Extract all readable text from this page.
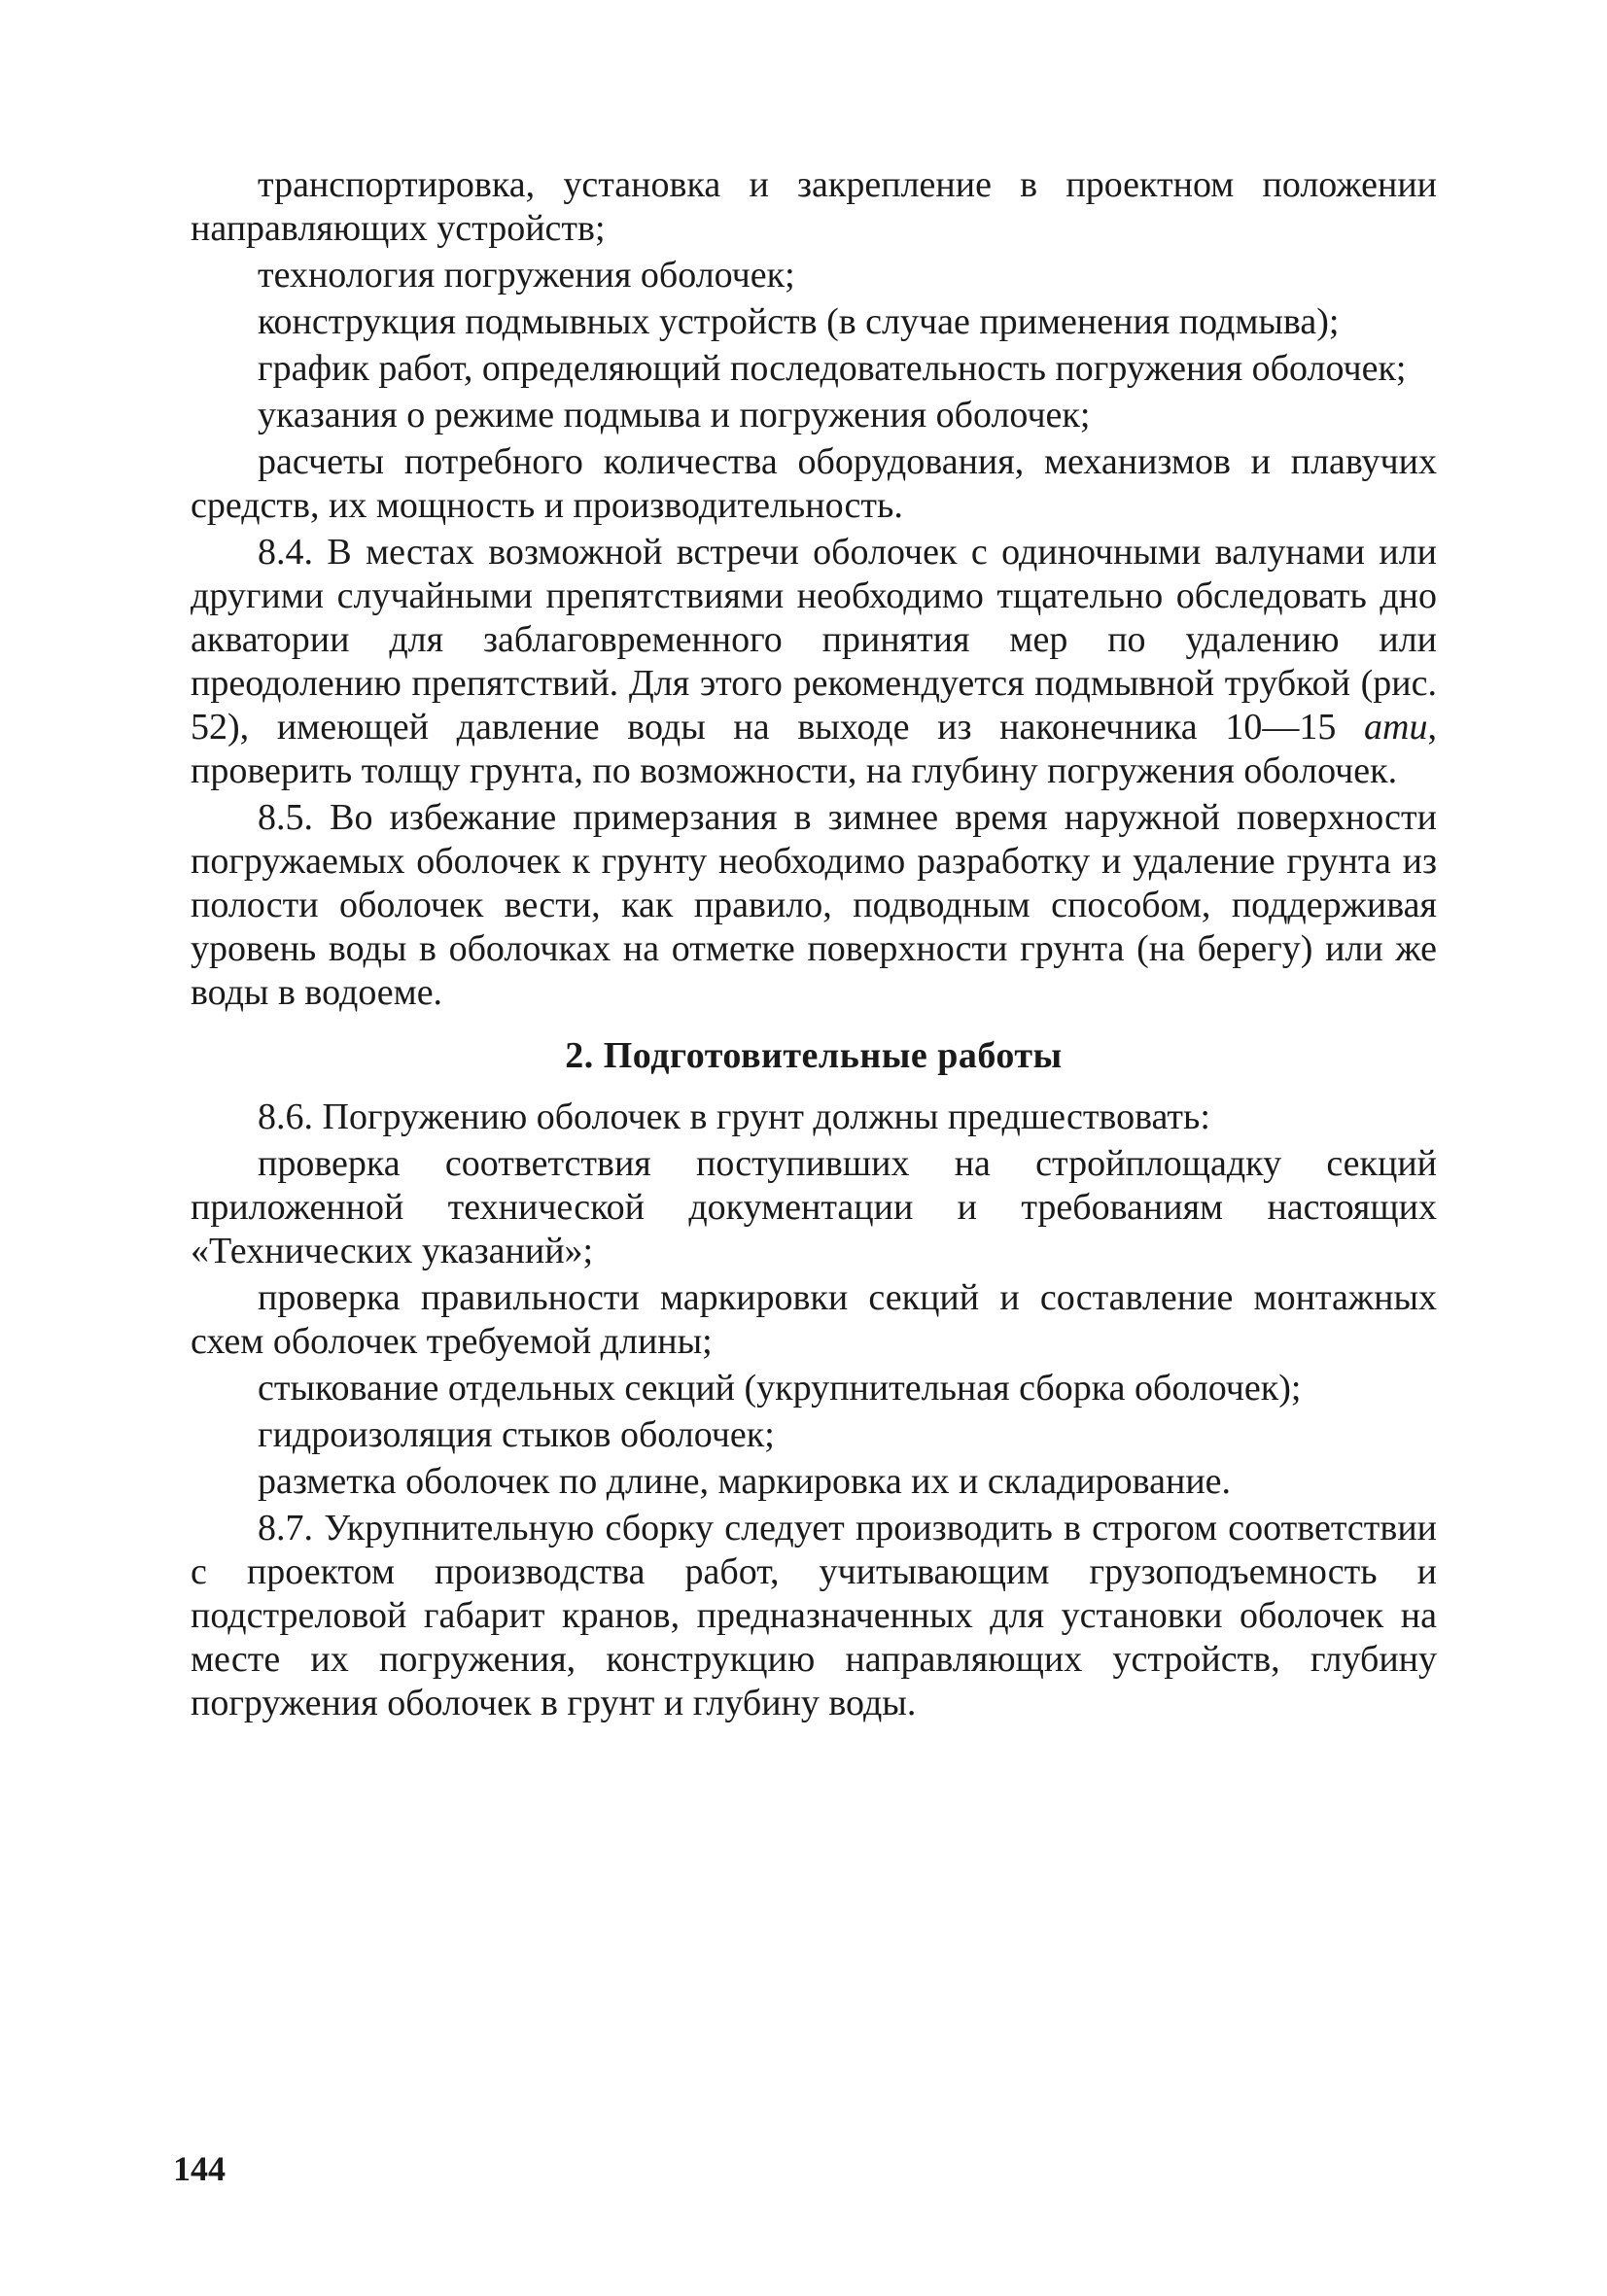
транспортировка, установка и закрепление в проектном положении направляющих устройств;

технология погружения оболочек;

конструкция подмывных устройств (в случае применения подмыва);

график работ, определяющий последовательность погружения оболочек;

указания о режиме подмыва и погружения оболочек;

расчеты потребного количества оборудования, механизмов и плавучих средств, их мощность и производительность.

8.4. В местах возможной встречи оболочек с одиночными валунами или другими случайными препятствиями необходимо тщательно обследовать дно акватории для заблаговременного принятия мер по удалению или преодолению препятствий. Для этого рекомендуется подмывной трубкой (рис. 52), имеющей давление воды на выходе из наконечника 10—15 ати, проверить толщу грунта, по возможности, на глубину погружения оболочек.

8.5. Во избежание примерзания в зимнее время наружной поверхности погружаемых оболочек к грунту необходимо разработку и удаление грунта из полости оболочек вести, как правило, подводным способом, поддерживая уровень воды в оболочках на отметке поверхности грунта (на берегу) или же воды в водоеме.

2. Подготовительные работы

8.6. Погружению оболочек в грунт должны предшествовать:

проверка соответствия поступивших на стройплощадку секций приложенной технической документации и требованиям настоящих «Технических указаний»;

проверка правильности маркировки секций и составление монтажных схем оболочек требуемой длины;

стыкование отдельных секций (укрупнительная сборка оболочек);

гидроизоляция стыков оболочек;

разметка оболочек по длине, маркировка их и складирование.

8.7. Укрупнительную сборку следует производить в строгом соответствии с проектом производства работ, учитывающим грузоподъемность и подстреловой габарит кранов, предназначенных для установки оболочек на месте их погружения, конструкцию направляющих устройств, глубину погружения оболочек в грунт и глубину воды.

144
